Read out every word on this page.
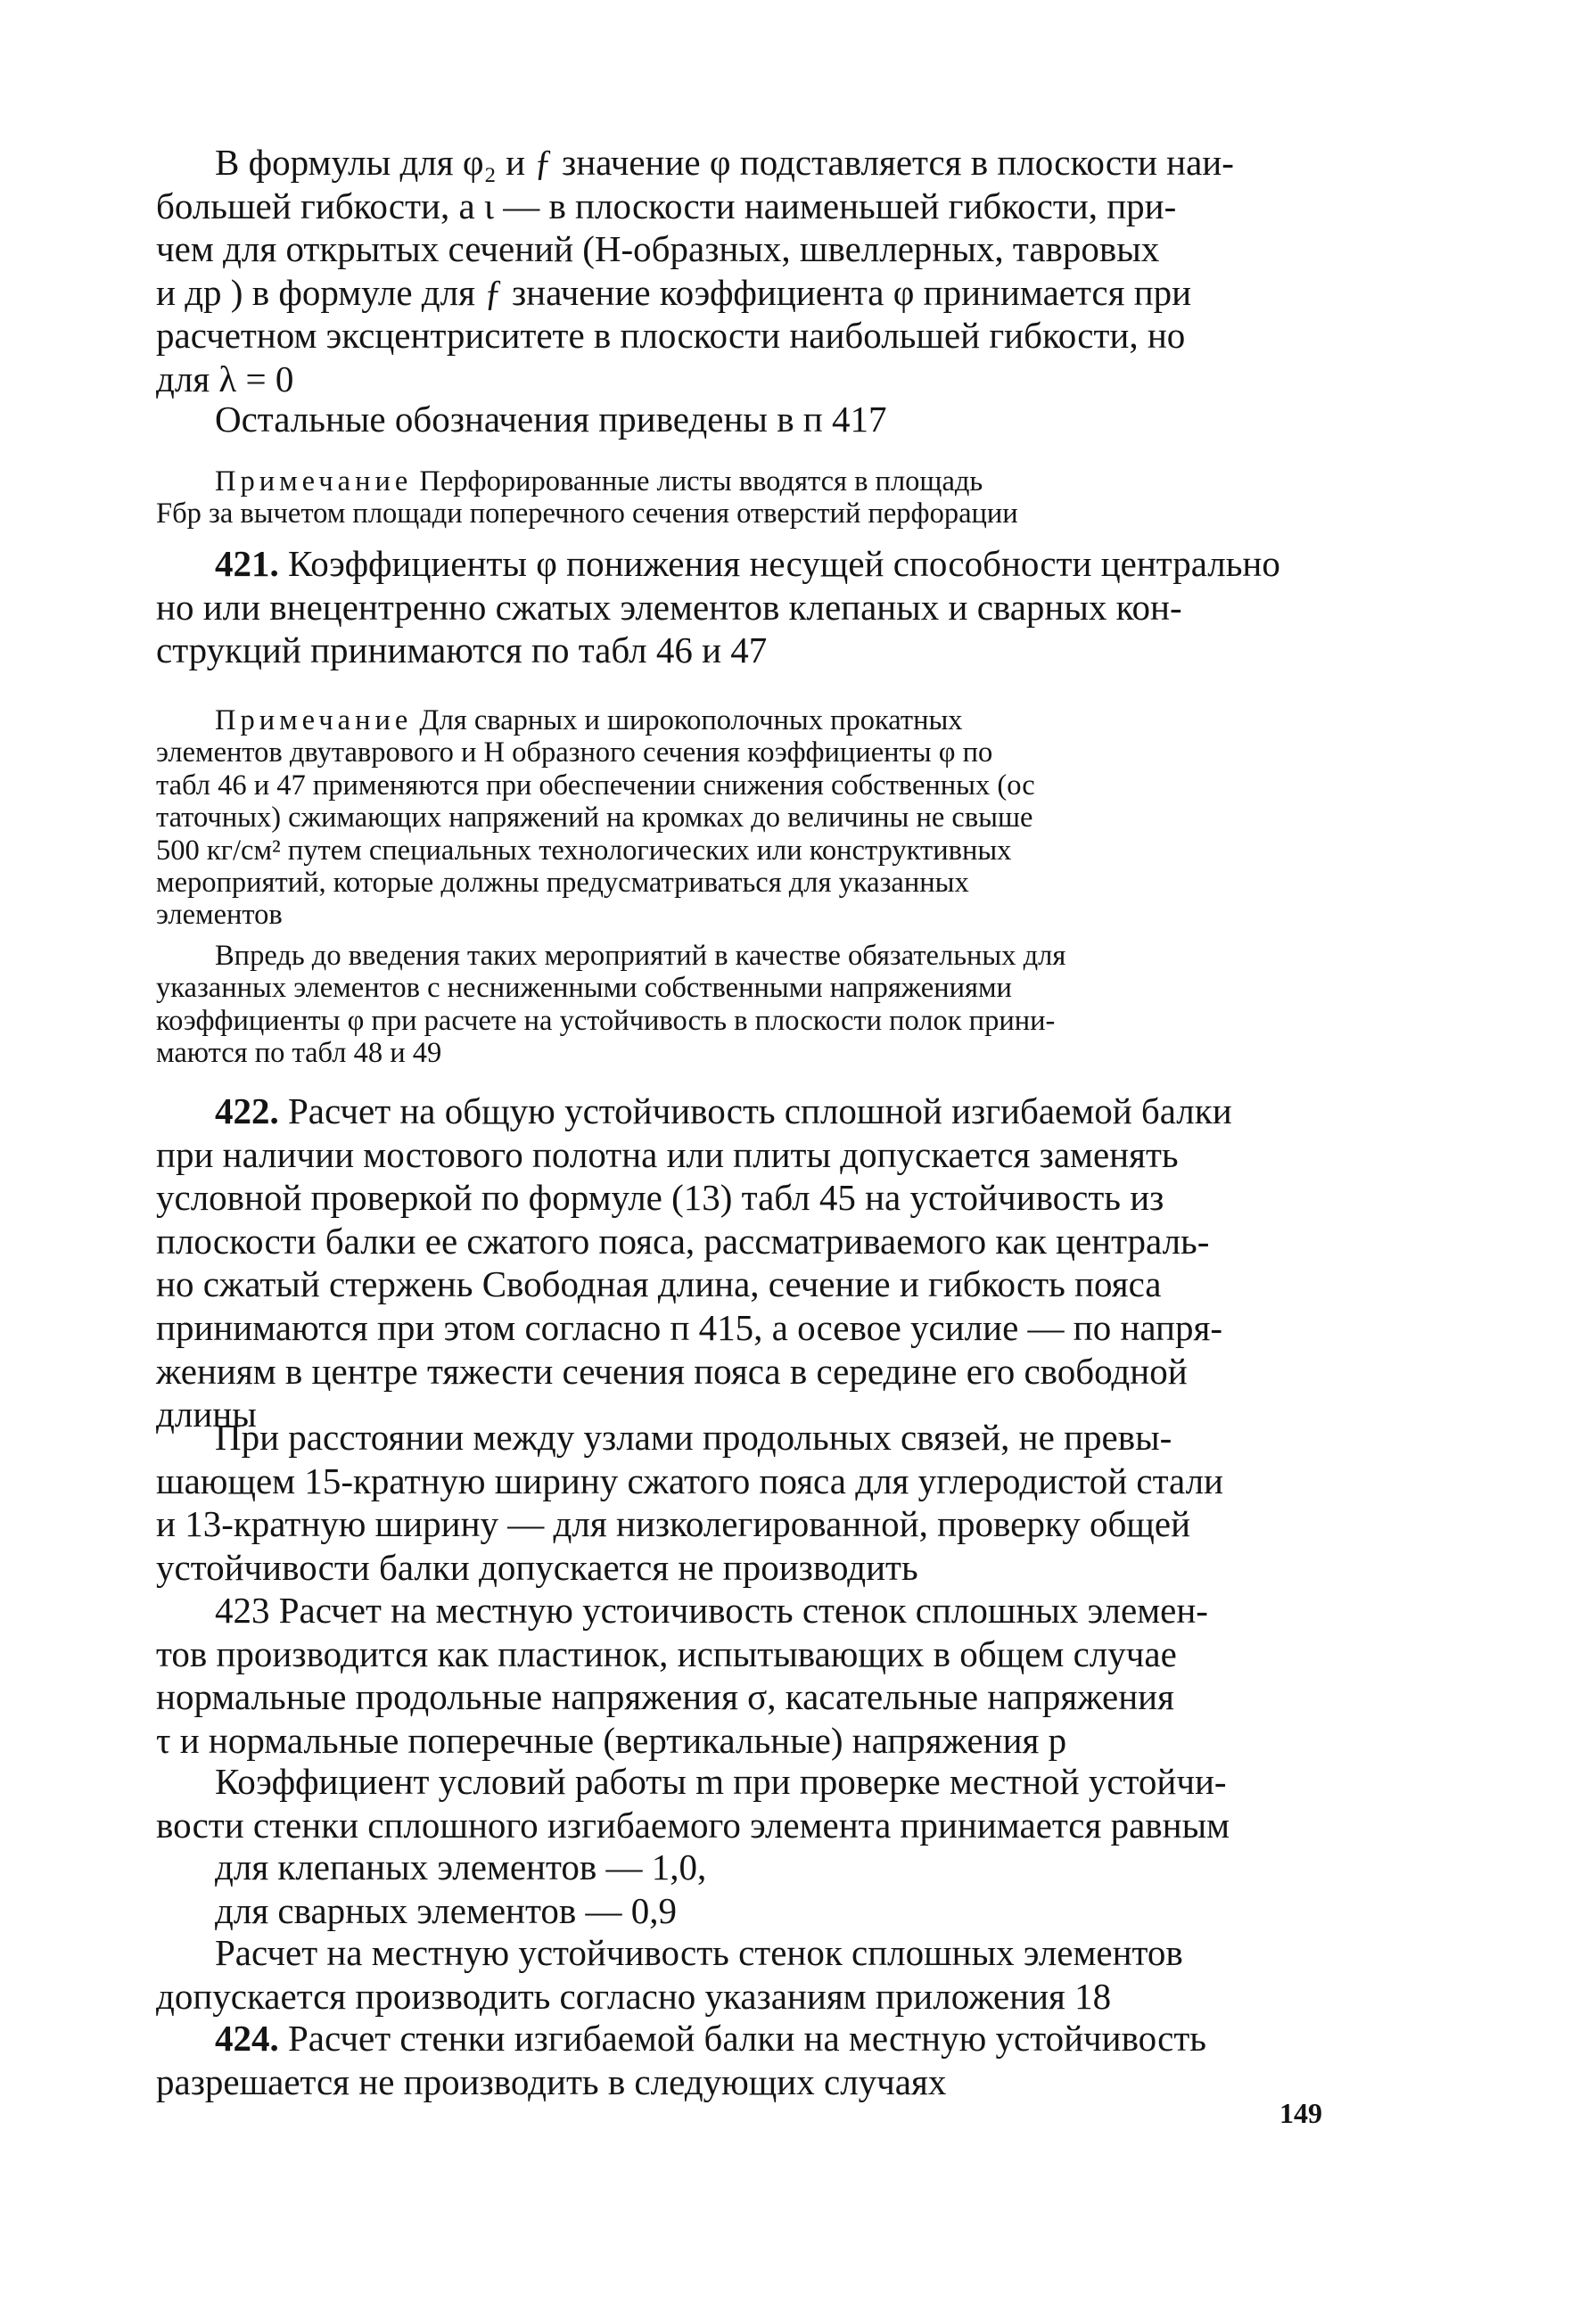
В формулы для φ₂ и ƒ значение φ подставляется в плоскости наи-
большей гибкости, а ι — в плоскости наименьшей гибкости, при-
чем для открытых сечений (Н-образных, швеллерных, тавровых
и др ) в формуле для ƒ значение коэффициента φ принимается при
расчетном эксцентриситете в плоскости наибольшей гибкости, но
для λ = 0
Остальные обозначения приведены в п 417
Примечание Перфорированные листы вводятся в площадь
Fбр за вычетом площади поперечного сечения отверстий перфорации
421. Коэффициенты φ понижения несущей способности центрально
но или внецентренно сжатых элементов клепаных и сварных кон-
струкций принимаются по табл 46 и 47
Примечание Для сварных и широкополочных прокатных
элементов двутаврового и Н образного сечения коэффициенты φ по
табл 46 и 47 применяются при обеспечении снижения собственных (ос
таточных) сжимающих напряжений на кромках до величины не свыше
500 кг/см² путем специальных технологических или конструктивных
мероприятий, которые должны предусматриваться для указанных
элементов
Впредь до введения таких мероприятий в качестве обязательных для
указанных элементов с несниженными собственными напряжениями
коэффициенты φ при расчете на устойчивость в плоскости полок прини-
маются по табл 48 и 49
422. Расчет на общую устойчивость сплошной изгибаемой балки
при наличии мостового полотна или плиты допускается заменять
условной проверкой по формуле (13) табл 45 на устойчивость из
плоскости балки ее сжатого пояса, рассматриваемого как централь-
но сжатый стержень Свободная длина, сечение и гибкость пояса
принимаются при этом согласно п 415, а осевое усилие — по напря-
жениям в центре тяжести сечения пояса в середине его свободной
длины
При расстоянии между узлами продольных связей, не превы-
шающем 15-кратную ширину сжатого пояса для углеродистой стали
и 13-кратную ширину — для низколегированной, проверку общей
устойчивости балки допускается не производить
423 Расчет на местную устоичивость стенок сплошных элемен-
тов производится как пластинок, испытывающих в общем случае
нормальные продольные напряжения σ, касательные напряжения
τ и нормальные поперечные (вертикальные) напряжения p
Коэффициент условий работы m при проверке местной устойчи-
вости стенки сплошного изгибаемого элемента принимается равным
для клепаных элементов — 1,0,
для сварных элементов — 0,9
Расчет на местную устойчивость стенок сплошных элементов
допускается производить согласно указаниям приложения 18
424. Расчет стенки изгибаемой балки на местную устойчивость
разрешается не производить в следующих случаях
149
